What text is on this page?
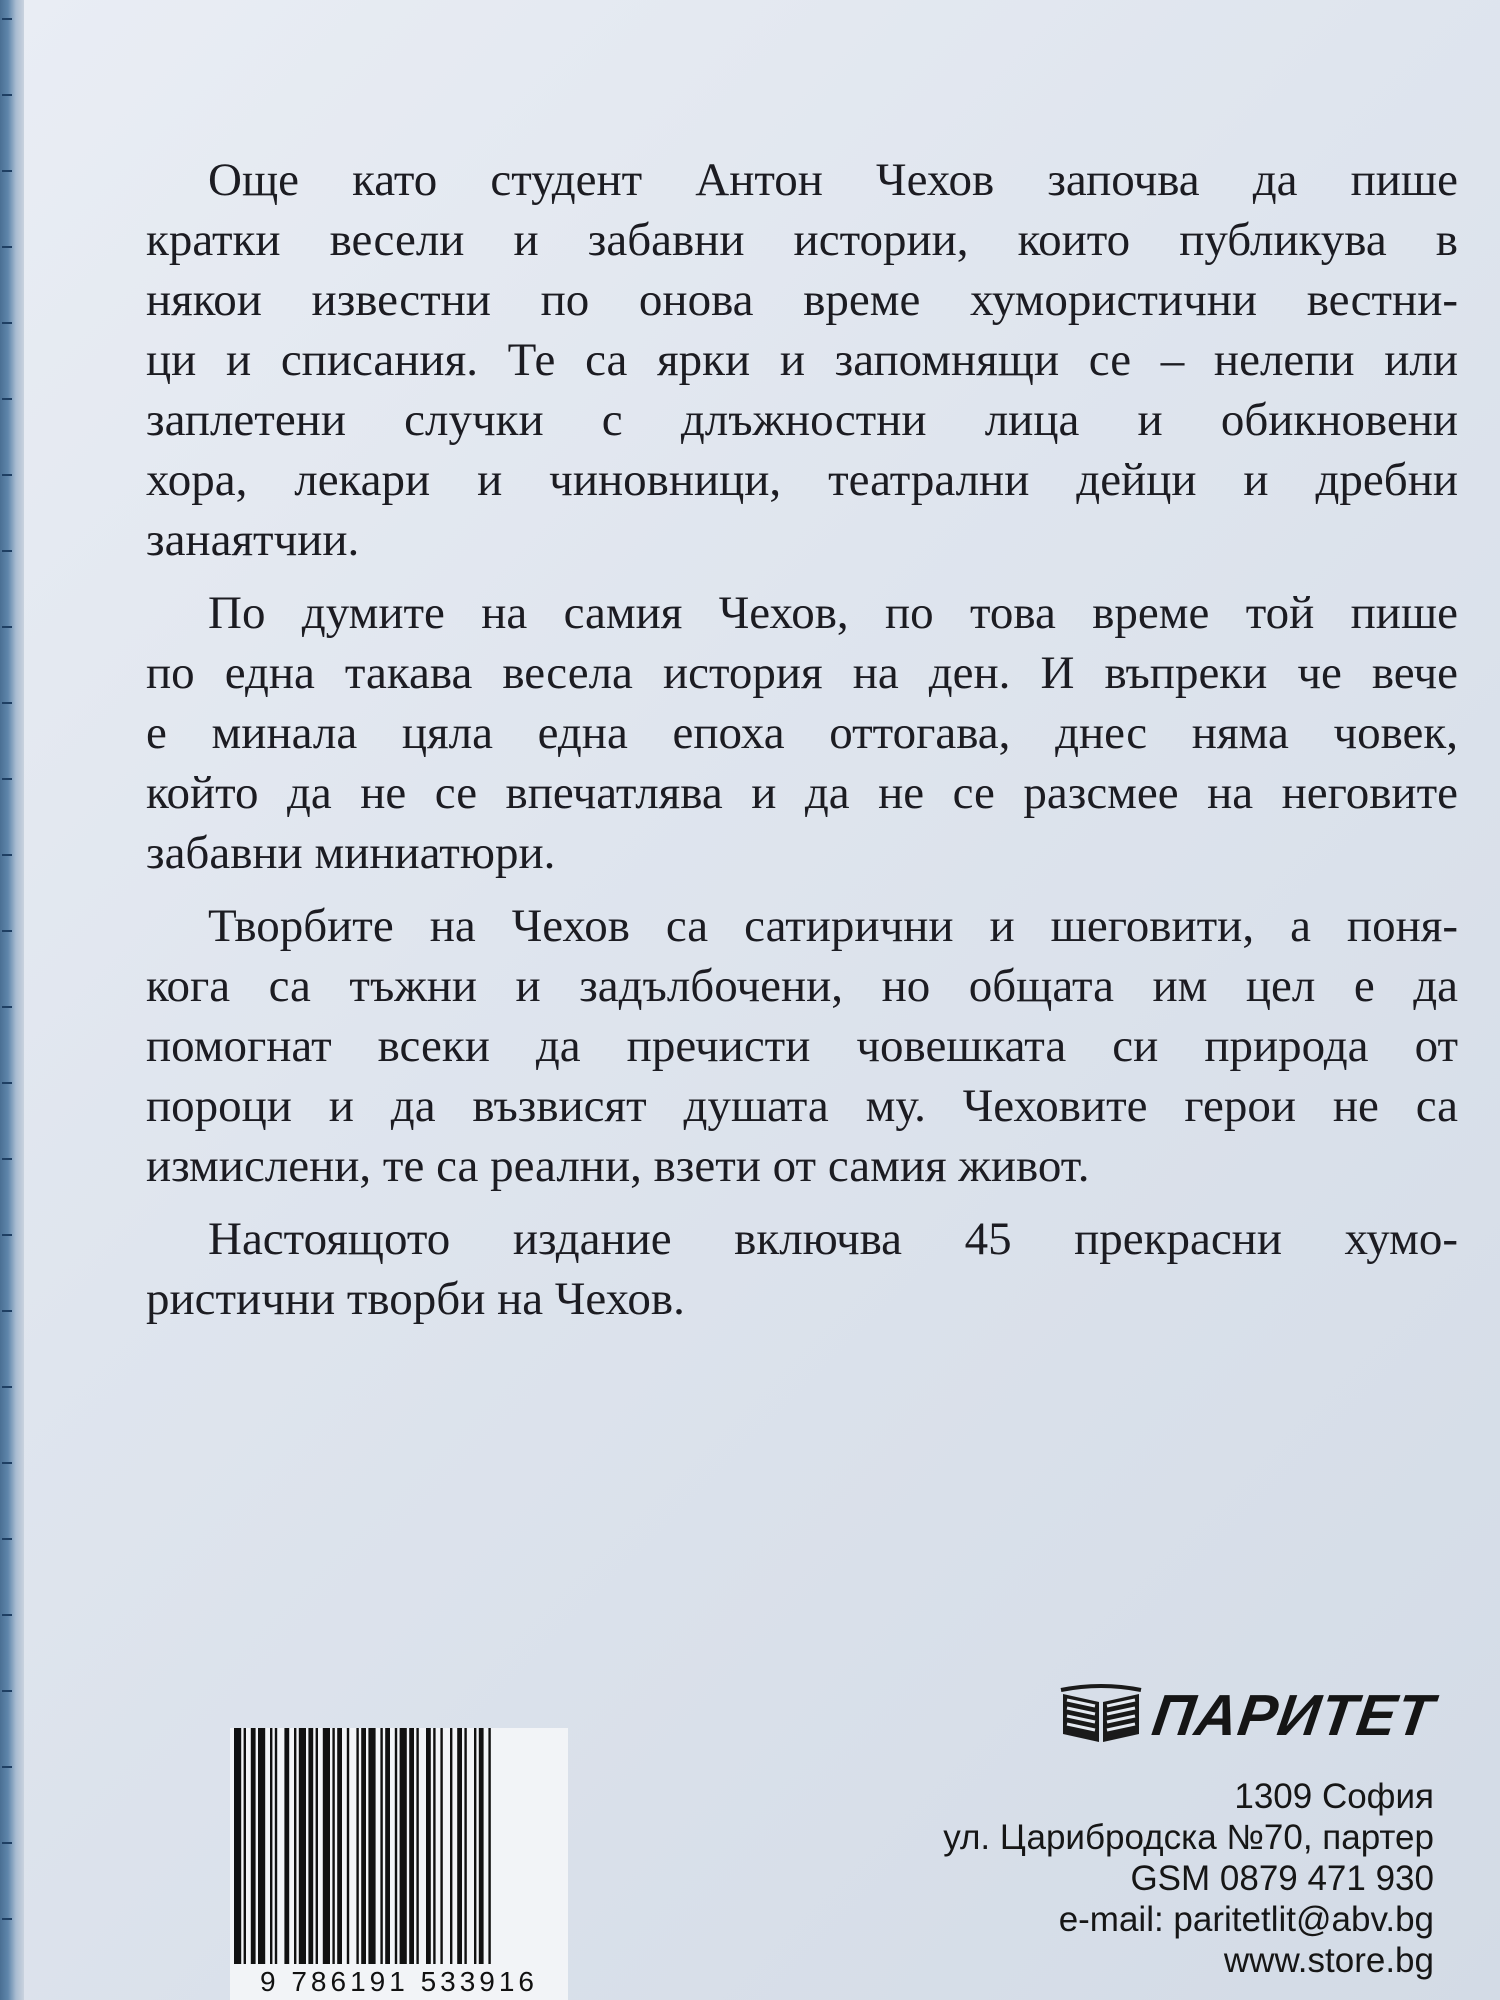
Още като студент Антон Чехов започва да пише
кратки весели и забавни истории, които публикува в
някои известни по онова време хумористични вестни-
ци и списания. Те са ярки и запомнящи се – нелепи или
заплетени случки с длъжностни лица и обикновени
хора, лекари и чиновници, театрални дейци и дребни
занаятчии.
По думите на самия Чехов, по това време той пише
по една такава весела история на ден. И въпреки че вече
е минала цяла една епоха оттогава, днес няма човек,
който да не се впечатлява и да не се разсмее на неговите
забавни миниатюри.
Творбите на Чехов са сатирични и шеговити, а поня-
кога са тъжни и задълбочени, но общата им цел е да
помогнат всеки да пречисти човешката си природа от
пороци и да възвисят душата му. Чеховите герои не са
измислени, те са реални, взети от самия живот.
Настоящото издание включва 45 прекрасни хумо-
ристични творби на Чехов.
ПАРИТЕТ
1309 София
ул. Царибродска №70, партер
GSM 0879 471 930
e-mail: paritetlit@abv.bg
www.store.bg
9 786191 533916
